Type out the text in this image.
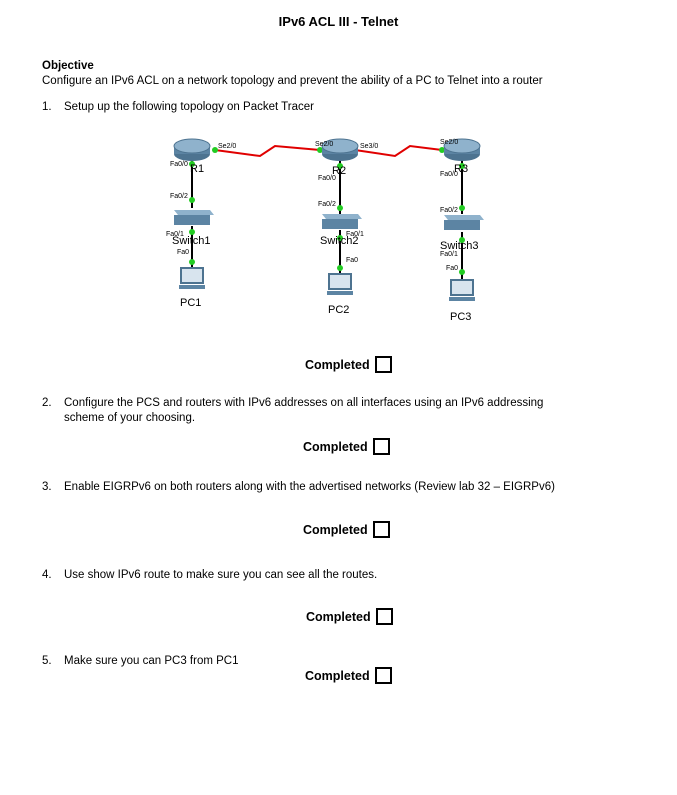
IPv6 ACL III - Telnet
Objective
Configure an IPv6 ACL on a network topology and prevent the ability of a PC to Telnet into a router
1. Setup up the following topology on Packet Tracer
R1	R2	R3
Switch1	Switch2	Switch3
PC1
PC2
PC3
Se2/0
Fa0/0
Se2/0	Se3/0
Fa0/0
Se2/0
Fa0/0
Fa0/2
Fa0/1
Fa0/2
Fa0/1
Fa0/2
Fa0/1
Fa0
Fa0
Fa0
Completed
2. Configure the PCS and routers with IPv6 addresses on all interfaces using an IPv6 addressing scheme of your choosing.
Completed
3. Enable EIGRPv6 on both routers along with the advertised networks (Review lab 32 – EIGRPv6)
Completed
4. Use show IPv6 route to make sure you can see all the routes.
Completed
5. Make sure you can PC3 from PC1
Completed
